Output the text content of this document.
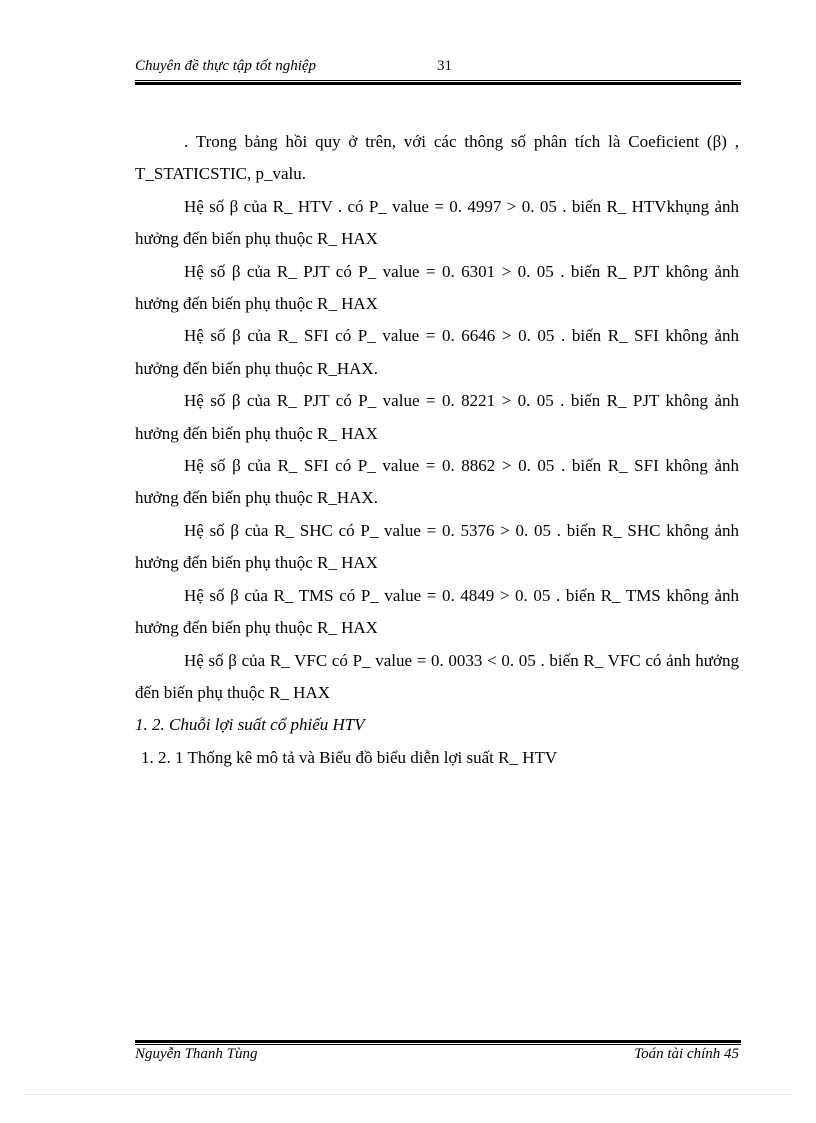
Chuyên đề thực tập tốt nghiệp	31

. Trong bảng hồi quy ở trên, với các thông số phân tích là Coeficient (β) , T_STATICSTIC, p_valu.

Hệ số β của R_ HTV . có P_ value = 0. 4997 > 0. 05 . biến R_ HTVkhụng ảnh hưởng đến biến phụ thuộc R_ HAX

Hệ số β của R_ PJT có P_ value = 0. 6301 > 0. 05 . biến R_ PJT không ảnh hưởng đến biến phụ thuộc R_ HAX

Hệ số β của R_ SFI có P_ value = 0. 6646 > 0. 05 . biến R_ SFI không ảnh hưởng đến biến phụ thuộc R_HAX.

Hệ số β của R_ PJT có P_ value = 0. 8221 > 0. 05 . biến R_ PJT không ảnh hưởng đến biến phụ thuộc R_ HAX

Hệ số β của R_ SFI có P_ value = 0. 8862 > 0. 05 . biến R_ SFI không ảnh hưởng đến biến phụ thuộc R_HAX.

Hệ số β của R_ SHC có P_ value = 0. 5376 > 0. 05 . biến R_ SHC không ảnh hưởng đến biến phụ thuộc R_ HAX

Hệ số β của R_ TMS có P_ value = 0. 4849 > 0. 05 . biến R_ TMS không ảnh hưởng đến biến phụ thuộc R_ HAX

Hệ số β của R_ VFC có P_ value = 0. 0033 < 0. 05 . biến R_ VFC có ảnh hưởng đến biến phụ thuộc R_ HAX

1. 2. Chuỗi lợi suất cổ phiếu HTV

1. 2. 1 Thống kê mô tả và Biểu đồ biểu diễn lợi suất R_ HTV

Nguyễn Thanh Tùng	Toán tài chính 45
